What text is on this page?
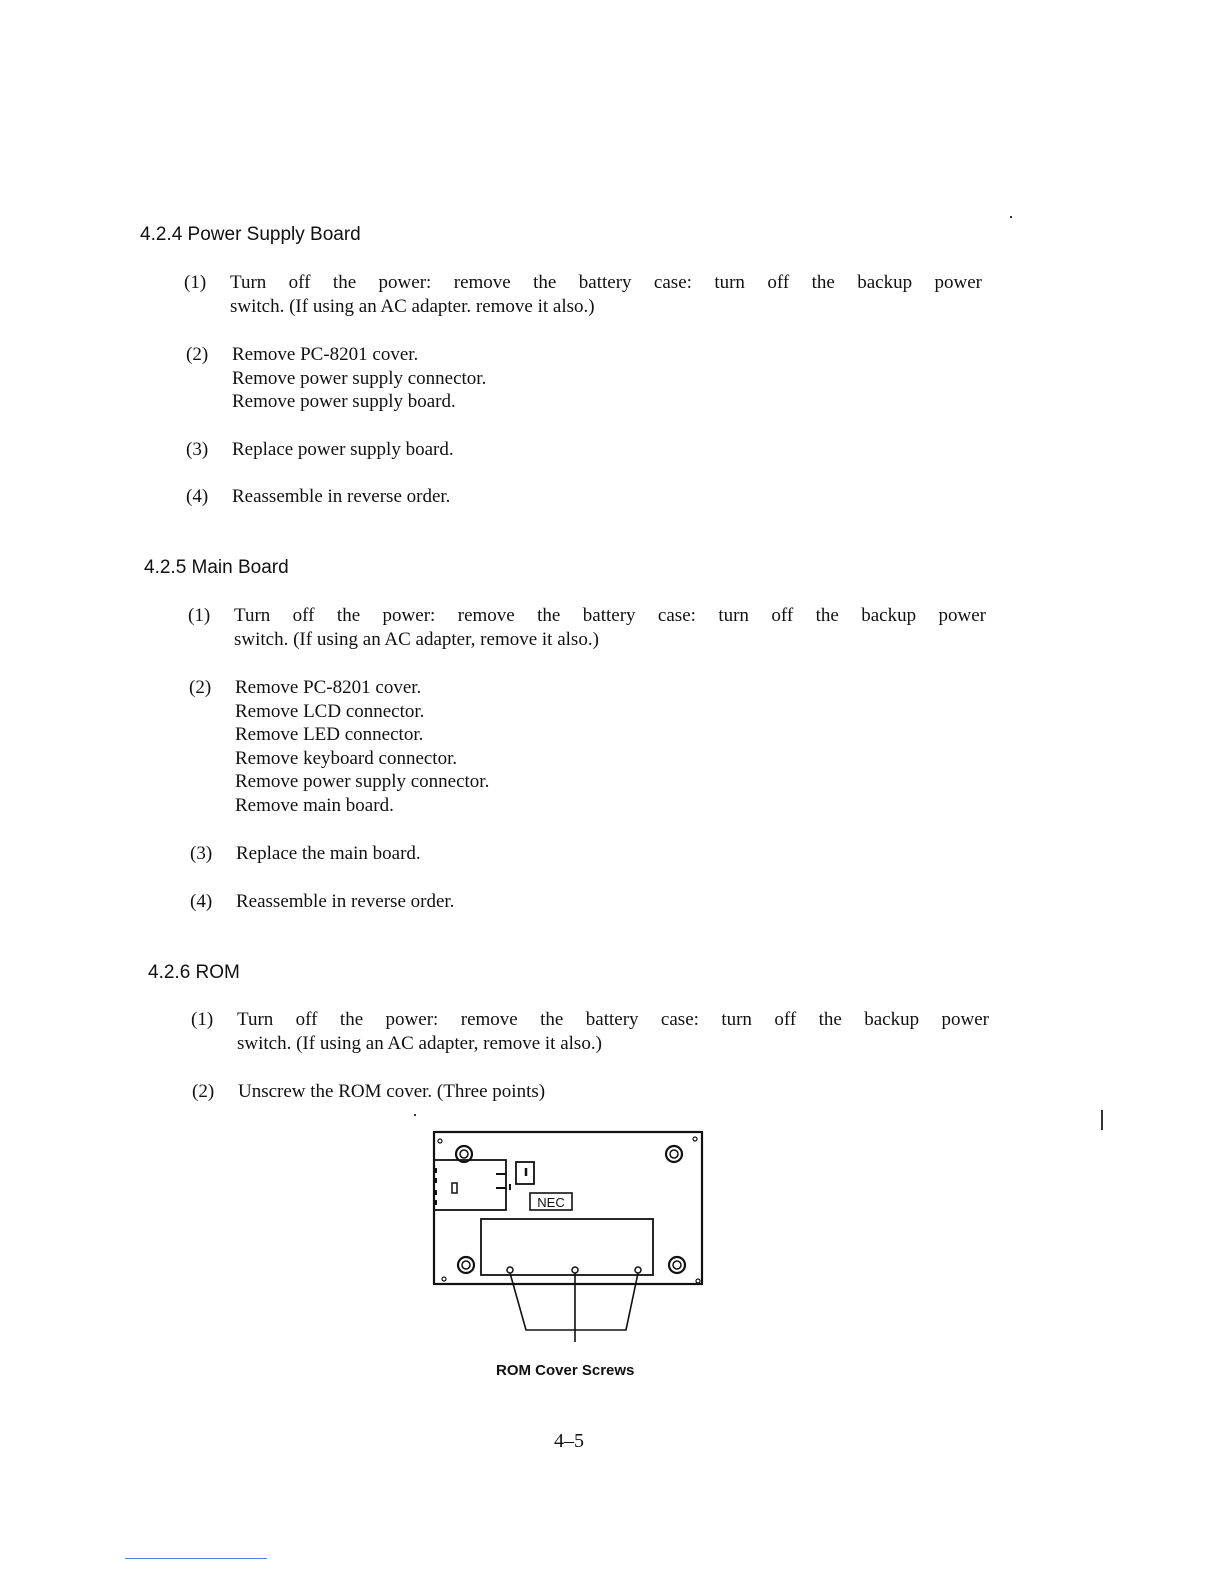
4.2.4 Power Supply Board
(1) Turn off the power: remove the battery case: turn off the backup power
switch. (If using an AC adapter. remove it also.)
(2) Remove PC-8201 cover.
Remove power supply connector.
Remove power supply board.
(3) Replace power supply board.
(4) Reassemble in reverse order.
4.2.5 Main Board
(1) Turn off the power: remove the battery case: turn off the backup power
switch. (If using an AC adapter, remove it also.)
(2) Remove PC-8201 cover.
Remove LCD connector.
Remove LED connector.
Remove keyboard connector.
Remove power supply connector.
Remove main board.
(3) Replace the main board.
(4) Reassemble in reverse order.
4.2.6 ROM
(1) Turn off the power: remove the battery case: turn off the backup power
switch. (If using an AC adapter, remove it also.)
(2) Unscrew the ROM cover. (Three points)
NEC
ROM Cover Screws
4–5
